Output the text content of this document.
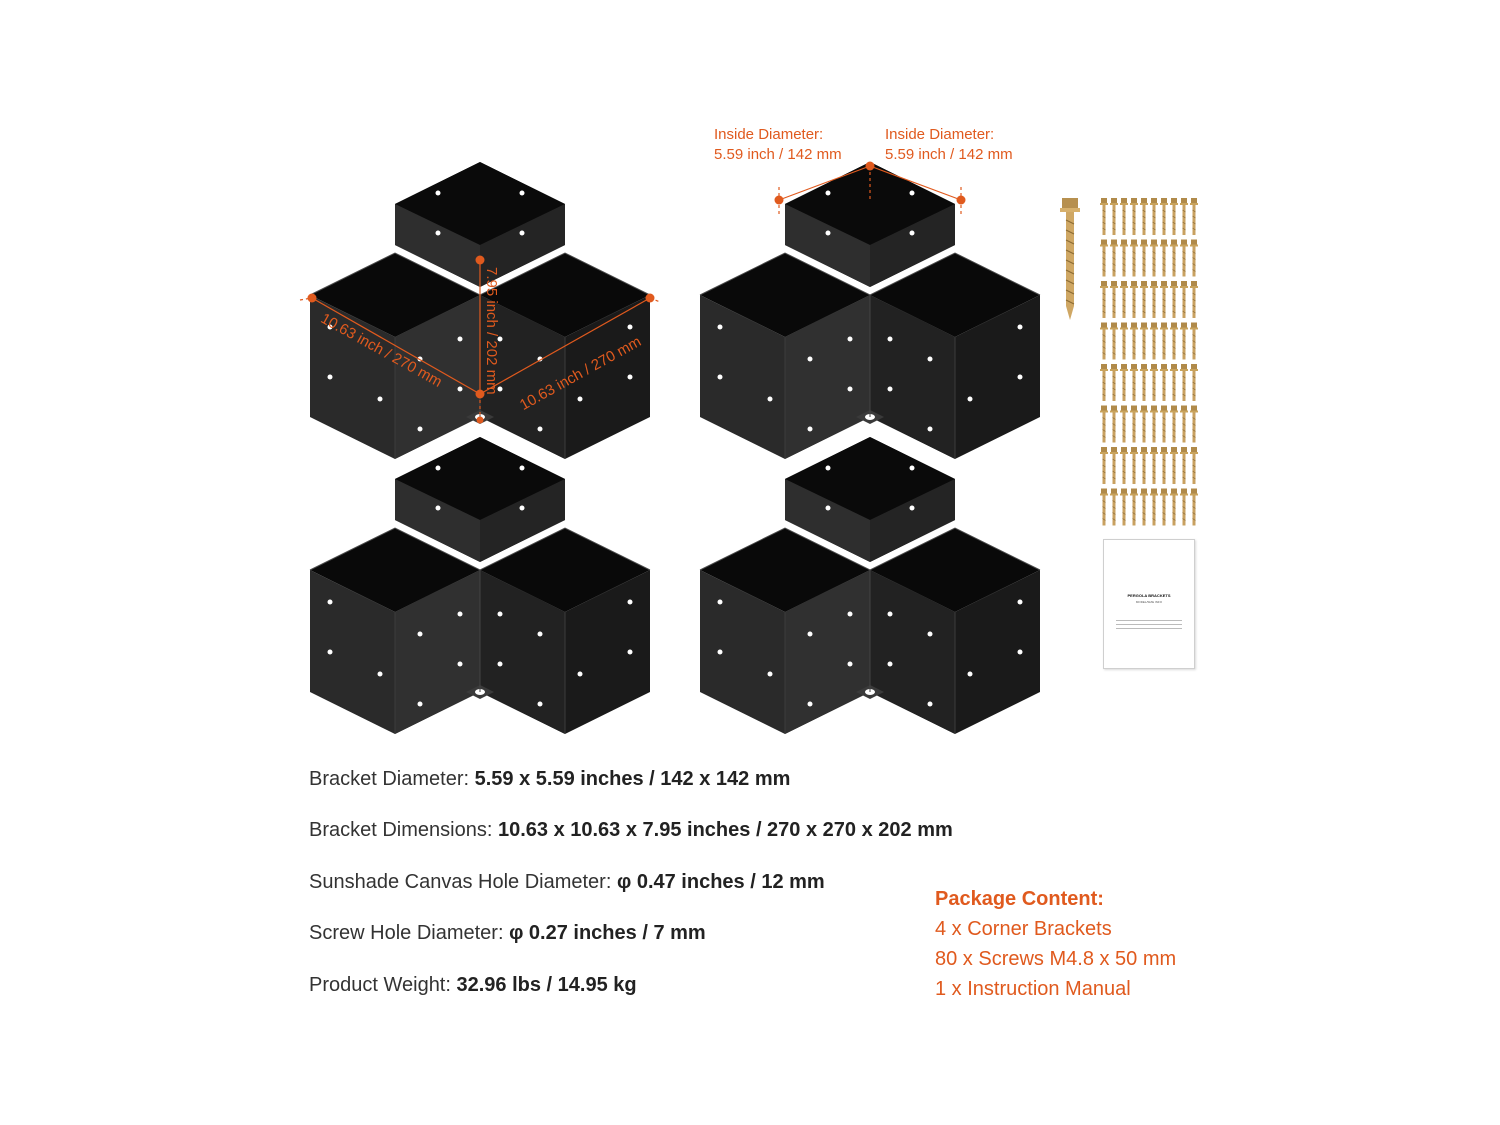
PERGOLA BRACKETS
MODEL/SIZE INFO
Inside Diameter:
5.59 inch / 142 mm
Inside Diameter:
5.59 inch / 142 mm
10.63 inch / 270 mm	7.95 inch / 202 mm 10.63 inch / 270 mm
Bracket Diameter: 5.59 x 5.59 inches / 142 x 142 mm
Bracket Dimensions: 10.63 x 10.63 x 7.95 inches / 270 x 270 x 202 mm
Sunshade Canvas Hole Diameter: φ 0.47 inches / 12 mm
Screw Hole Diameter: φ 0.27 inches / 7 mm
Product Weight: 32.96 lbs / 14.95 kg
Package Content:
4 x Corner Brackets
80 x Screws M4.8 x 50 mm
1 x Instruction Manual
